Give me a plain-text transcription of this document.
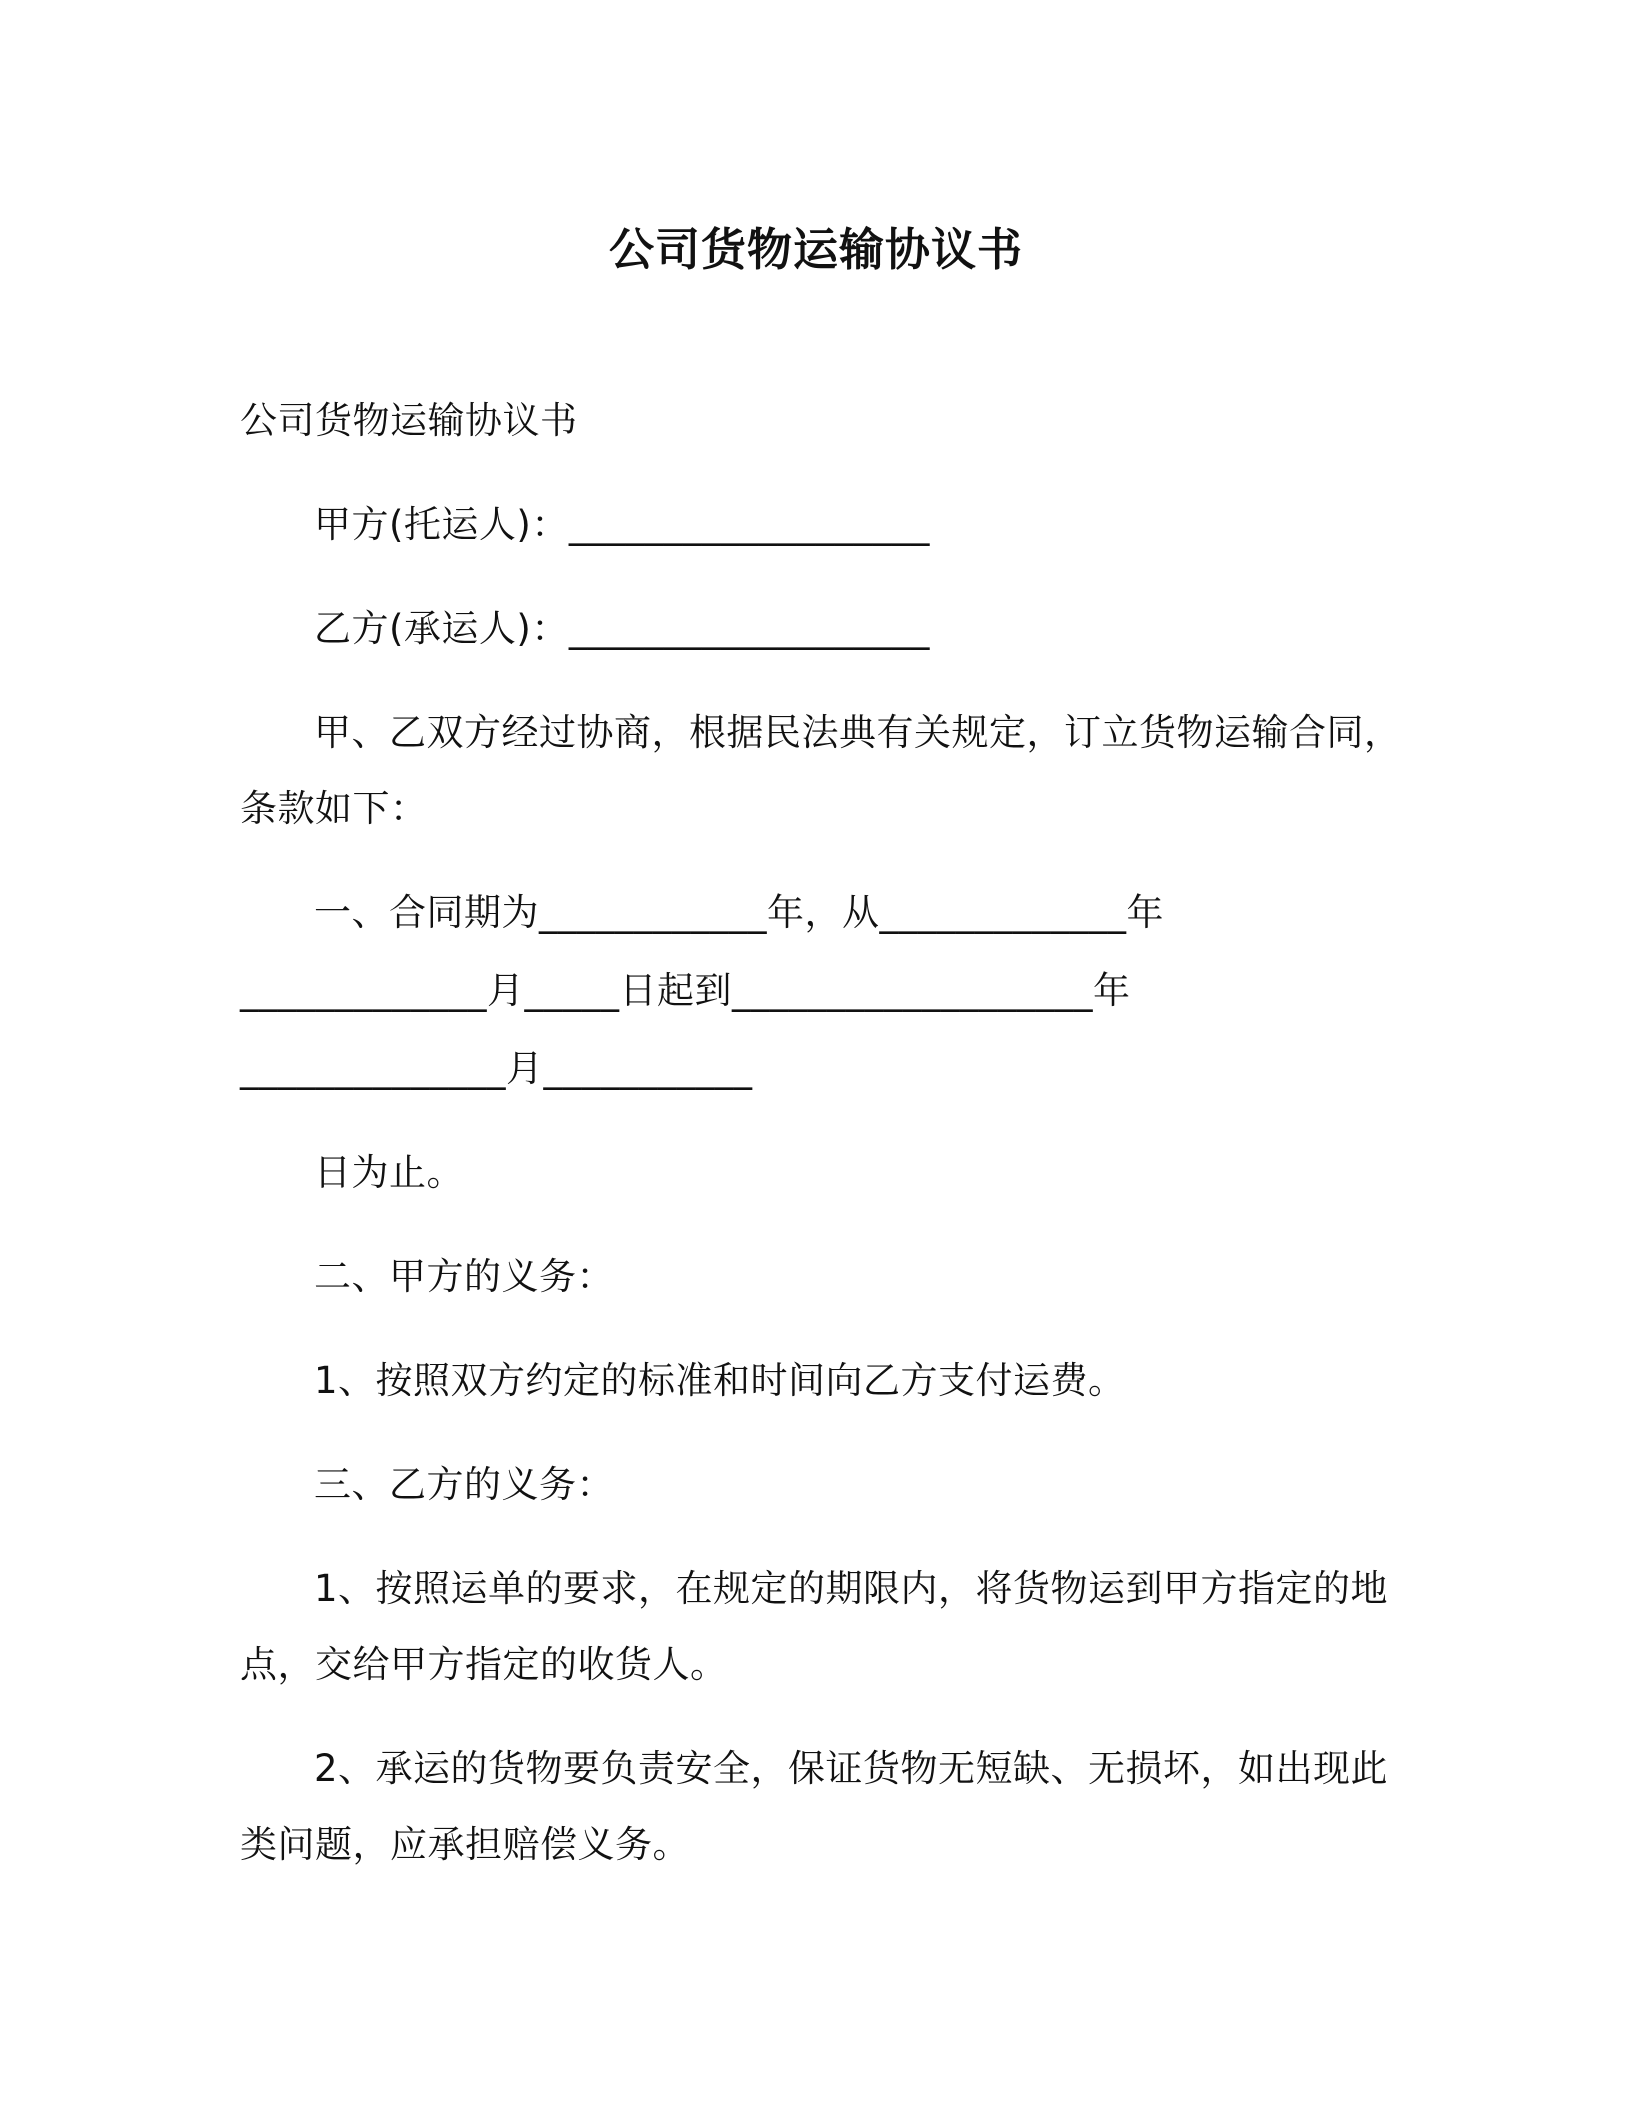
公司货物运输协议书
公司货物运输协议书
甲方(托运人)：___________________
乙方(承运人)：___________________
甲、乙双方经过协商，根据民法典有关规定，订立货物运输合同，
条款如下：
一、合同期为____________年，从_____________年
_____________月_____日起到___________________年
______________月___________
日为止。
二、甲方的义务：
1、按照双方约定的标准和时间向乙方支付运费。
三、乙方的义务：
1、按照运单的要求，在规定的期限内，将货物运到甲方指定的地
点，交给甲方指定的收货人。
2、承运的货物要负责安全，保证货物无短缺、无损坏，如出现此
类问题，应承担赔偿义务。
